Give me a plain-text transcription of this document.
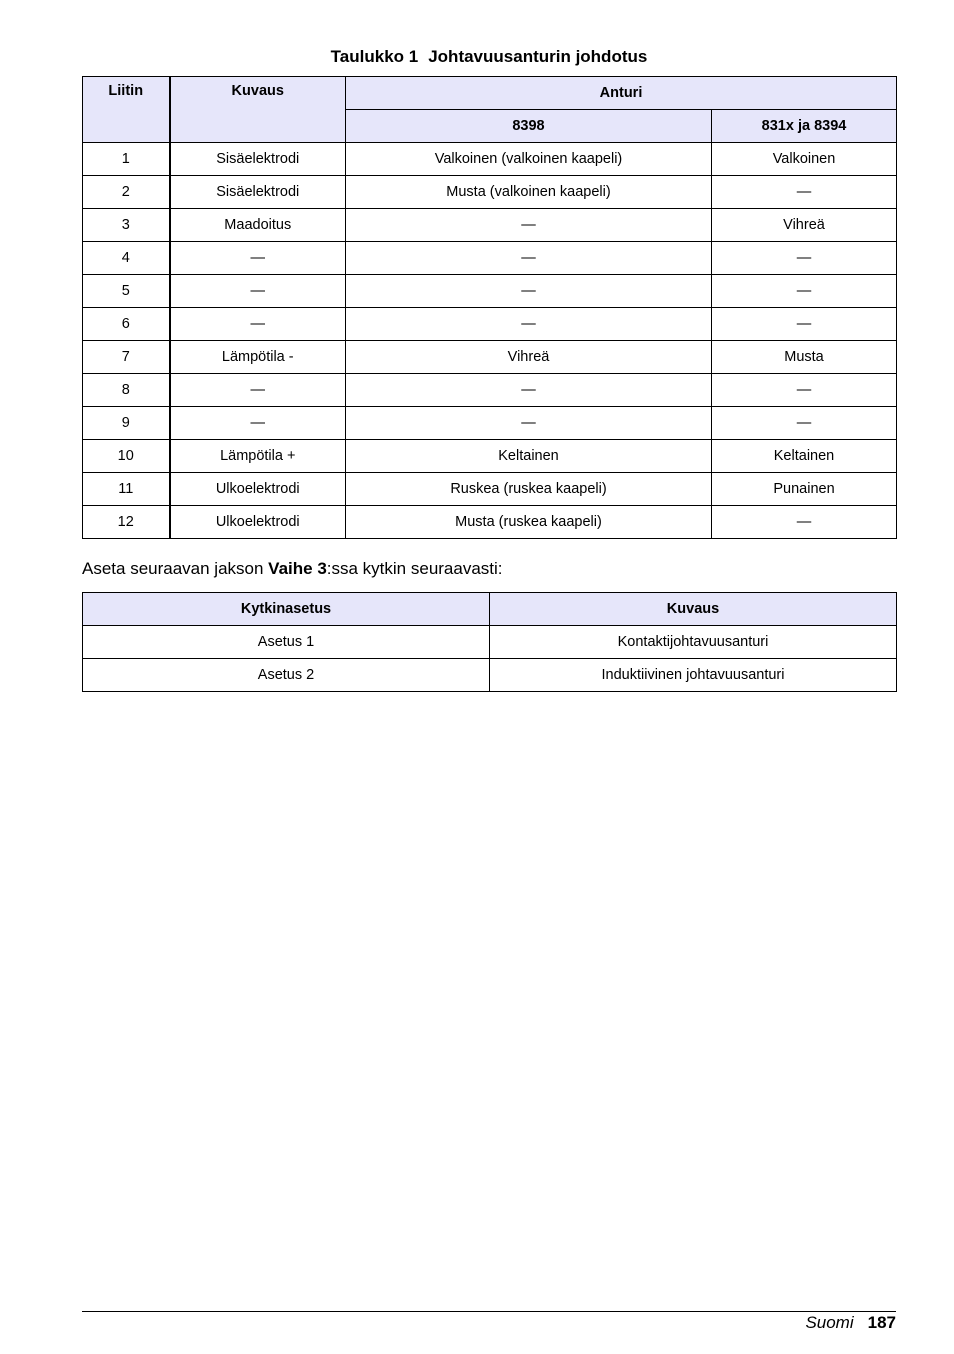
Taulukko 1 Johtavuusanturin johdotus
Liitin	Kuvaus	Anturi	
		8398	831x ja 8394
1	Sisäelektrodi	Valkoinen (valkoinen kaapeli)	Valkoinen
2	Sisäelektrodi	Musta (valkoinen kaapeli)	—
3	Maadoitus	—	Vihreä
4	—	—	—
5	—	—	—
6	—	—	—
7	Lämpötila -	Vihreä	Musta
8	—	—	—
9	—	—	—
10	Lämpötila +	Keltainen	Keltainen
11	Ulkoelektrodi	Ruskea (ruskea kaapeli)	Punainen
12	Ulkoelektrodi	Musta (ruskea kaapeli)	—
Aseta seuraavan jakson Vaihe 3:ssa kytkin seuraavasti:
Kytkinasetus	Kuvaus
Asetus 1	Kontaktijohtavuusanturi
Asetus 2	Induktiivinen johtavuusanturi
Suomi 187
